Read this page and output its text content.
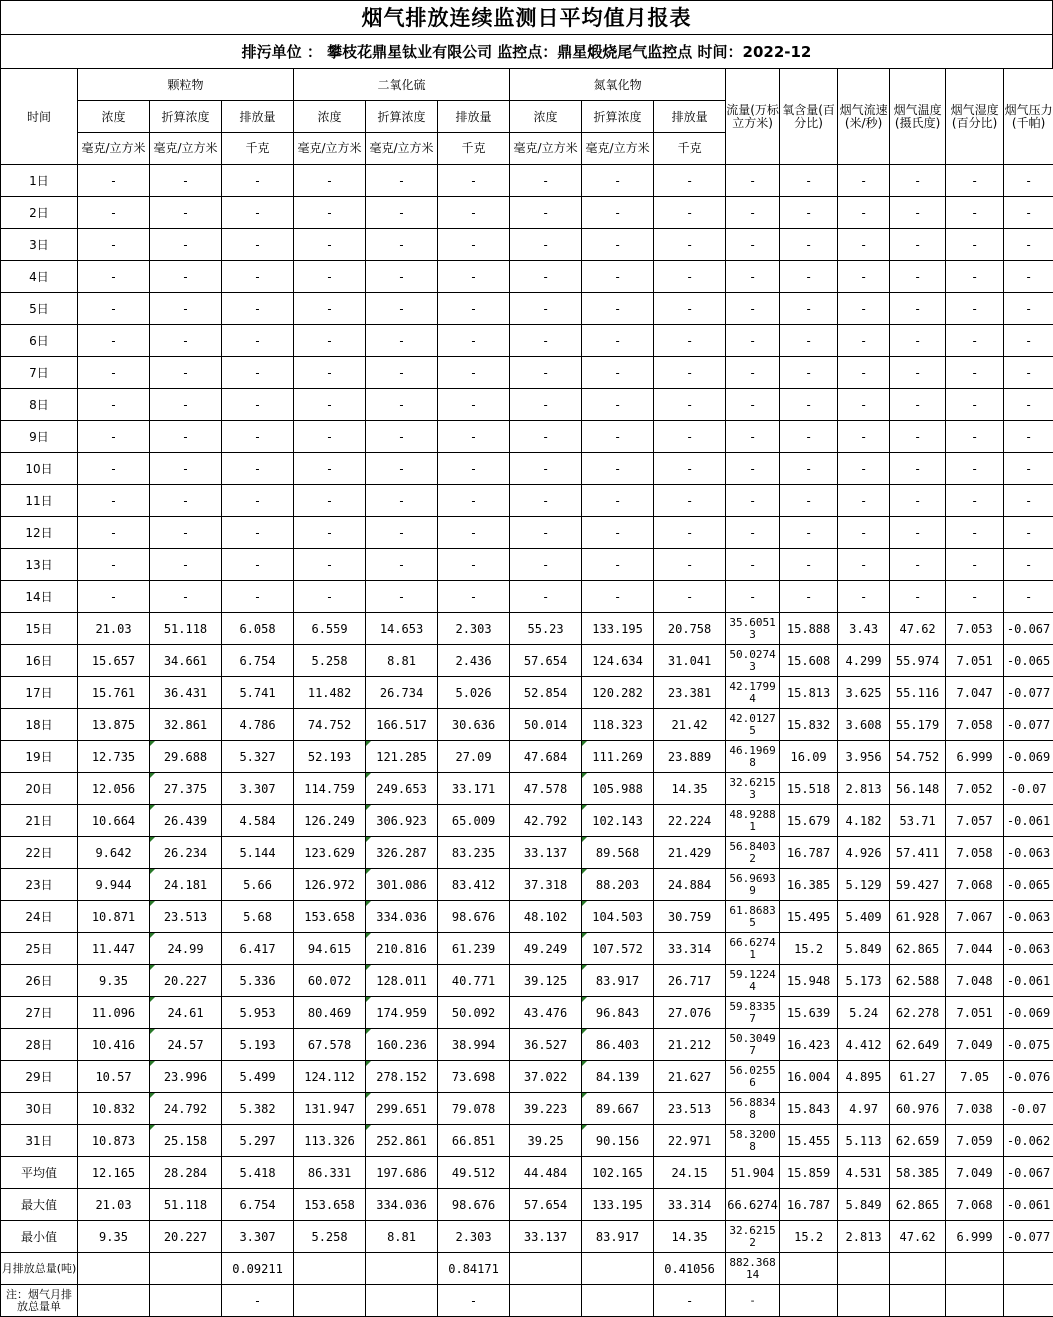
烟气排放连续监测日平均值月报表
排污单位 ： 攀枝花鼎星钛业有限公司 监控点：鼎星煅烧尾气监控点 时间：2022-12
时间	颗粒物			二氧化硫			氮氧化物			流量(万标立方米)	氧含量(百分比)	烟气流速(米/秒)	烟气温度(摄氏度)	烟气湿度(百分比)	烟气压力(千帕)
	浓度	折算浓度	排放量	浓度	折算浓度	排放量	浓度	折算浓度	排放量						
	毫克/立方米	毫克/立方米	千克	毫克/立方米	毫克/立方米	千克	毫克/立方米	毫克/立方米	千克						
1日	-	-	-	-	-	-	-	-	-	-	-	-	-	-	-
2日	-	-	-	-	-	-	-	-	-	-	-	-	-	-	-
3日	-	-	-	-	-	-	-	-	-	-	-	-	-	-	-
4日	-	-	-	-	-	-	-	-	-	-	-	-	-	-	-
5日	-	-	-	-	-	-	-	-	-	-	-	-	-	-	-
6日	-	-	-	-	-	-	-	-	-	-	-	-	-	-	-
7日	-	-	-	-	-	-	-	-	-	-	-	-	-	-	-
8日	-	-	-	-	-	-	-	-	-	-	-	-	-	-	-
9日	-	-	-	-	-	-	-	-	-	-	-	-	-	-	-
10日	-	-	-	-	-	-	-	-	-	-	-	-	-	-	-
11日	-	-	-	-	-	-	-	-	-	-	-	-	-	-	-
12日	-	-	-	-	-	-	-	-	-	-	-	-	-	-	-
13日	-	-	-	-	-	-	-	-	-	-	-	-	-	-	-
14日	-	-	-	-	-	-	-	-	-	-	-	-	-	-	-
15日	21.03	51.118	6.058	6.559	14.653	2.303	55.23	133.195	20.758	35.6051 3	15.888	3.43	47.62	7.053	-0.067
16日	15.657	34.661	6.754	5.258	8.81	2.436	57.654	124.634	31.041	50.0274 3	15.608	4.299	55.974	7.051	-0.065
17日	15.761	36.431	5.741	11.482	26.734	5.026	52.854	120.282	23.381	42.1799 4	15.813	3.625	55.116	7.047	-0.077
18日	13.875	32.861	4.786	74.752	166.517	30.636	50.014	118.323	21.42	42.0127 5	15.832	3.608	55.179	7.058	-0.077
19日	12.735	29.688	5.327	52.193	121.285	27.09	47.684	111.269	23.889	46.1969 8	16.09	3.956	54.752	6.999	-0.069
20日	12.056	27.375	3.307	114.759	249.653	33.171	47.578	105.988	14.35	32.6215 3	15.518	2.813	56.148	7.052	-0.07
21日	10.664	26.439	4.584	126.249	306.923	65.009	42.792	102.143	22.224	48.9288 1	15.679	4.182	53.71	7.057	-0.061
22日	9.642	26.234	5.144	123.629	326.287	83.235	33.137	89.568	21.429	56.8403 2	16.787	4.926	57.411	7.058	-0.063
23日	9.944	24.181	5.66	126.972	301.086	83.412	37.318	88.203	24.884	56.9693 9	16.385	5.129	59.427	7.068	-0.065
24日	10.871	23.513	5.68	153.658	334.036	98.676	48.102	104.503	30.759	61.8683 5	15.495	5.409	61.928	7.067	-0.063
25日	11.447	24.99	6.417	94.615	210.816	61.239	49.249	107.572	33.314	66.6274 1	15.2	5.849	62.865	7.044	-0.063
26日	9.35	20.227	5.336	60.072	128.011	40.771	39.125	83.917	26.717	59.1224 4	15.948	5.173	62.588	7.048	-0.061
27日	11.096	24.61	5.953	80.469	174.959	50.092	43.476	96.843	27.076	59.8335 7	15.639	5.24	62.278	7.051	-0.069
28日	10.416	24.57	5.193	67.578	160.236	38.994	36.527	86.403	21.212	50.3049 7	16.423	4.412	62.649	7.049	-0.075
29日	10.57	23.996	5.499	124.112	278.152	73.698	37.022	84.139	21.627	56.0255 6	16.004	4.895	61.27	7.05	-0.076
30日	10.832	24.792	5.382	131.947	299.651	79.078	39.223	89.667	23.513	56.8834 8	15.843	4.97	60.976	7.038	-0.07
31日	10.873	25.158	5.297	113.326	252.861	66.851	39.25	90.156	22.971	58.3200 8	15.455	5.113	62.659	7.059	-0.062
平均值	12.165	28.284	5.418	86.331	197.686	49.512	44.484	102.165	24.15	51.904	15.859	4.531	58.385	7.049	-0.067
最大值	21.03	51.118	6.754	153.658	334.036	98.676	57.654	133.195	33.314	66.6274	16.787	5.849	62.865	7.068	-0.061
最小值	9.35	20.227	3.307	5.258	8.81	2.303	33.137	83.917	14.35	32.6215 2	15.2	2.813	47.62	6.999	-0.077
月排放总量(吨)			0.09211			0.84171			0.41056	882.368 14					
注：烟气月排放总量单			-			-			-	-					
